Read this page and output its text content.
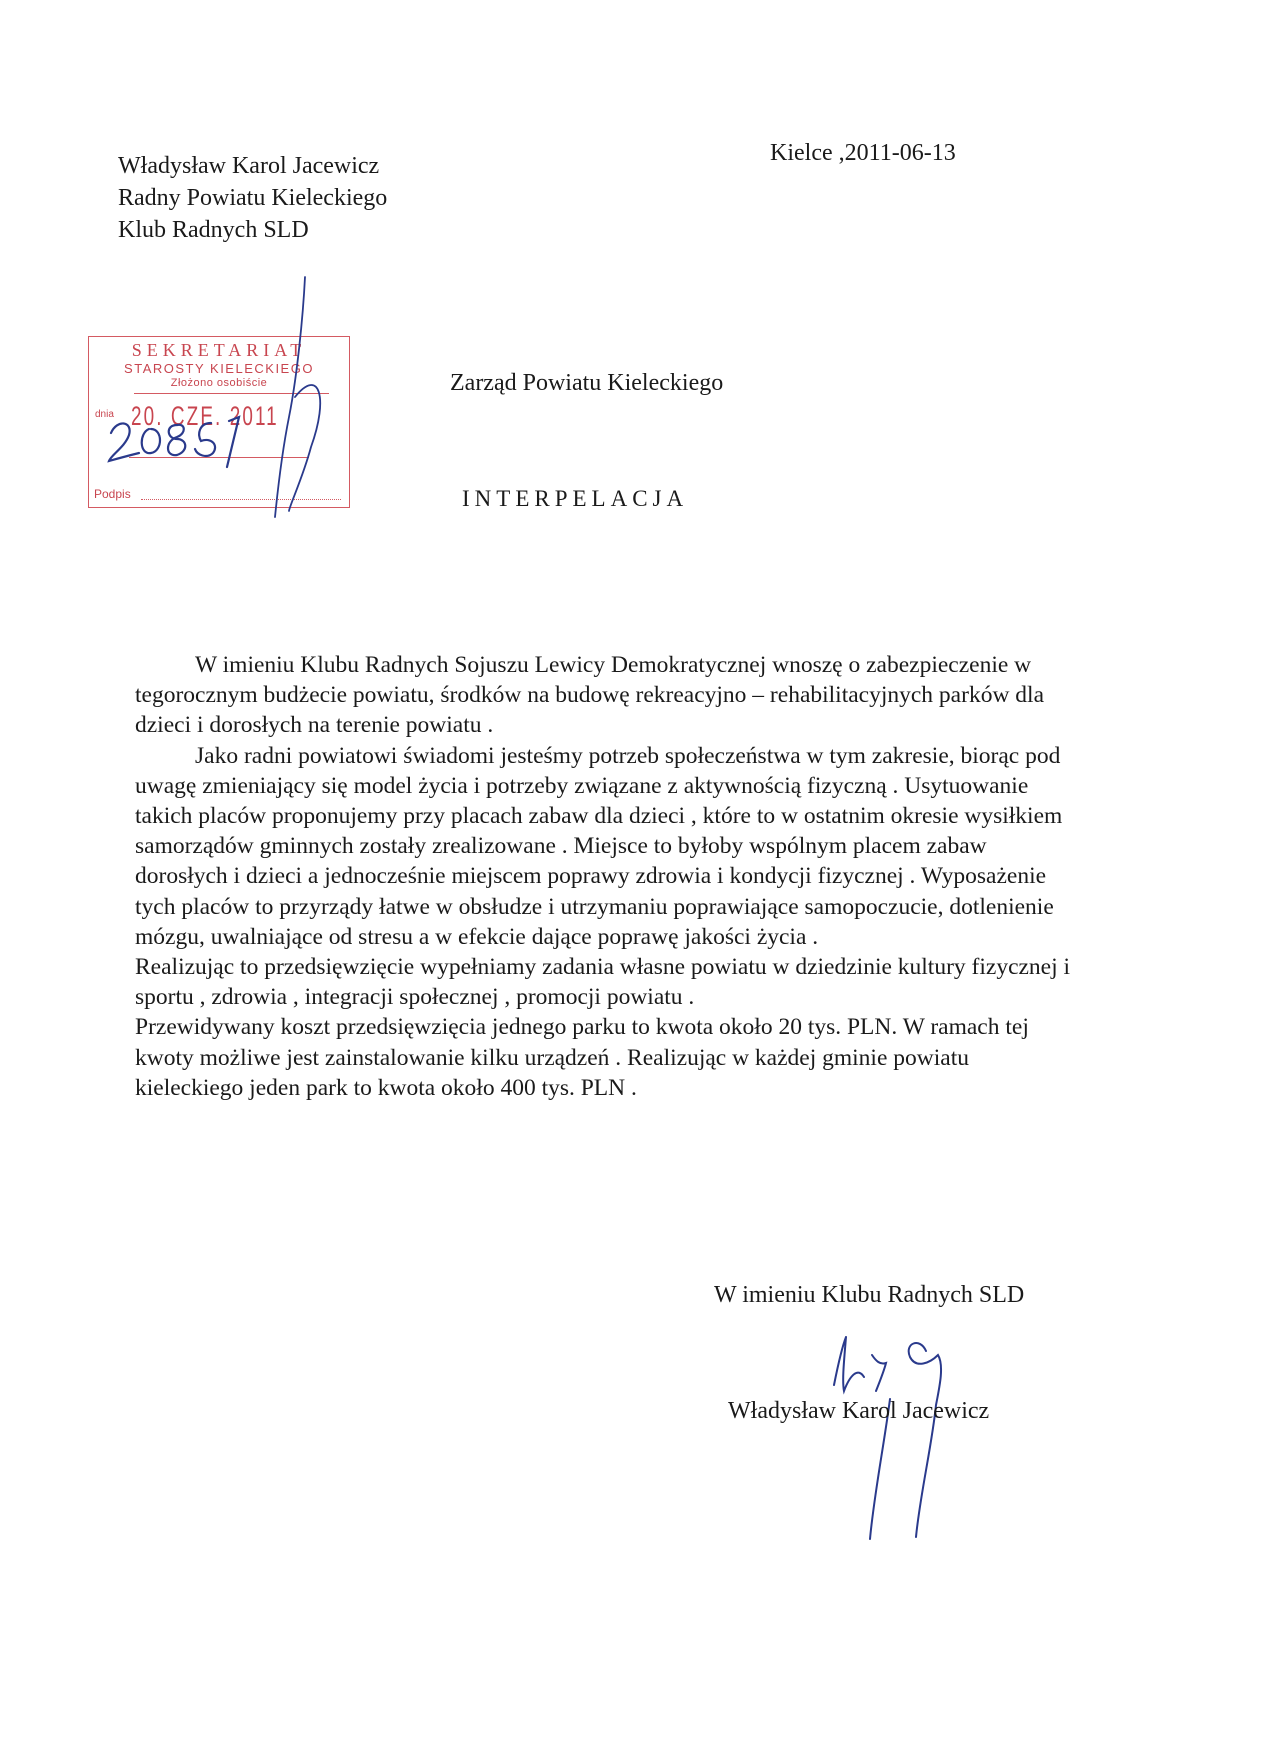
Władysław Karol Jacewicz
Radny Powiatu Kieleckiego
Klub Radnych SLD
Kielce ,2011-06-13
SEKRETARIAT
STAROSTY KIELECKIEGO
Złożono osobiście
dnia 20. CZE. 2011
Podpis
Zarząd Powiatu Kieleckiego
INTERPELACJA

W imieniu Klubu Radnych Sojuszu Lewicy Demokratycznej wnoszę o zabezpieczenie w tegorocznym budżecie powiatu, środków na budowę rekreacyjno – rehabilitacyjnych parków dla dzieci i dorosłych na terenie powiatu .

Jako radni powiatowi świadomi jesteśmy potrzeb społeczeństwa w tym zakresie, biorąc pod uwagę zmieniający się model życia i potrzeby związane z aktywnością fizyczną . Usytuowanie takich placów proponujemy przy placach zabaw dla dzieci , które to w ostatnim okresie wysiłkiem samorządów gminnych zostały zrealizowane . Miejsce to byłoby wspólnym placem zabaw dorosłych i dzieci a jednocześnie miejscem poprawy zdrowia i kondycji fizycznej . Wyposażenie tych placów to przyrządy łatwe w obsłudze i utrzymaniu poprawiające samopoczucie, dotlenienie mózgu, uwalniające od stresu a w efekcie dające poprawę jakości życia .

Realizując to przedsięwzięcie wypełniamy zadania własne powiatu w dziedzinie kultury fizycznej i sportu , zdrowia , integracji społecznej , promocji powiatu .

Przewidywany koszt przedsięwzięcia jednego parku to kwota około 20 tys. PLN. W ramach tej kwoty możliwe jest zainstalowanie kilku urządzeń . Realizując w każdej gminie powiatu kieleckiego jeden park to kwota około 400 tys. PLN .

W imieniu Klubu Radnych SLD
Władysław Karol Jacewicz
